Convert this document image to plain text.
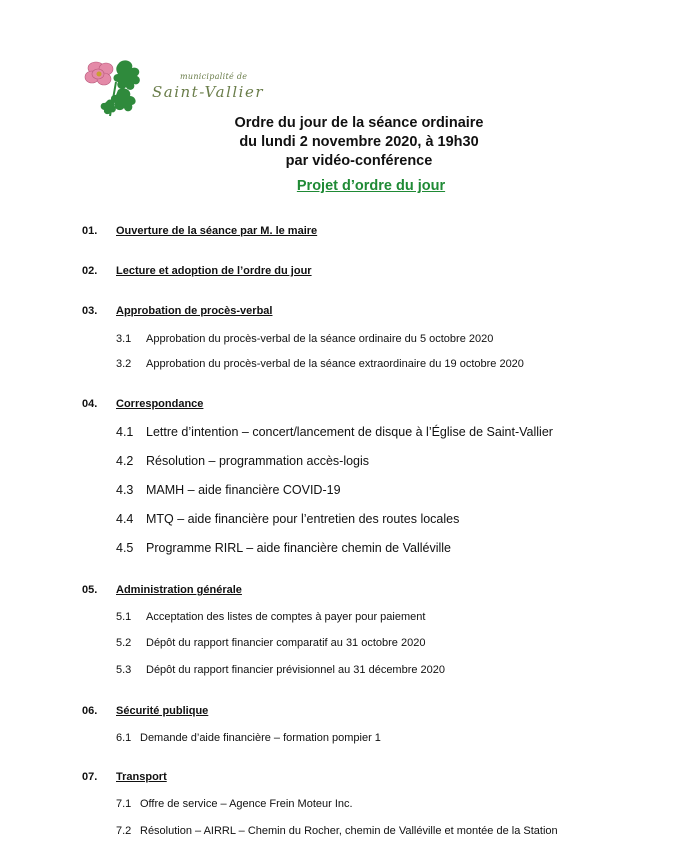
municipalité de
Saint-Vallier
Ordre du jour de la séance ordinaire
du lundi 2 novembre 2020, à 19h30
par vidéo-conférence
Projet d’ordre du jour
01. Ouverture de la séance par M. le maire
02. Lecture et adoption de l’ordre du jour
03. Approbation de procès-verbal
3.1 Approbation du procès-verbal de la séance ordinaire du 5 octobre 2020
3.2 Approbation du procès-verbal de la séance extraordinaire du 19 octobre 2020
04. Correspondance
4.1 Lettre d’intention – concert/lancement de disque à l’Église de Saint-Vallier
4.2 Résolution – programmation accès-logis
4.3 MAMH – aide financière COVID-19
4.4 MTQ – aide financière pour l’entretien des routes locales
4.5 Programme RIRL – aide financière chemin de Valléville
05. Administration générale
5.1 Acceptation des listes de comptes à payer pour paiement
5.2 Dépôt du rapport financier comparatif au 31 octobre 2020
5.3 Dépôt du rapport financier prévisionnel au 31 décembre 2020
06. Sécurité publique
6.1 Demande d’aide financière – formation pompier 1
07. Transport
7.1 Offre de service – Agence Frein Moteur Inc.
7.2 Résolution – AIRRL – Chemin du Rocher, chemin de Valléville et montée de la Station
